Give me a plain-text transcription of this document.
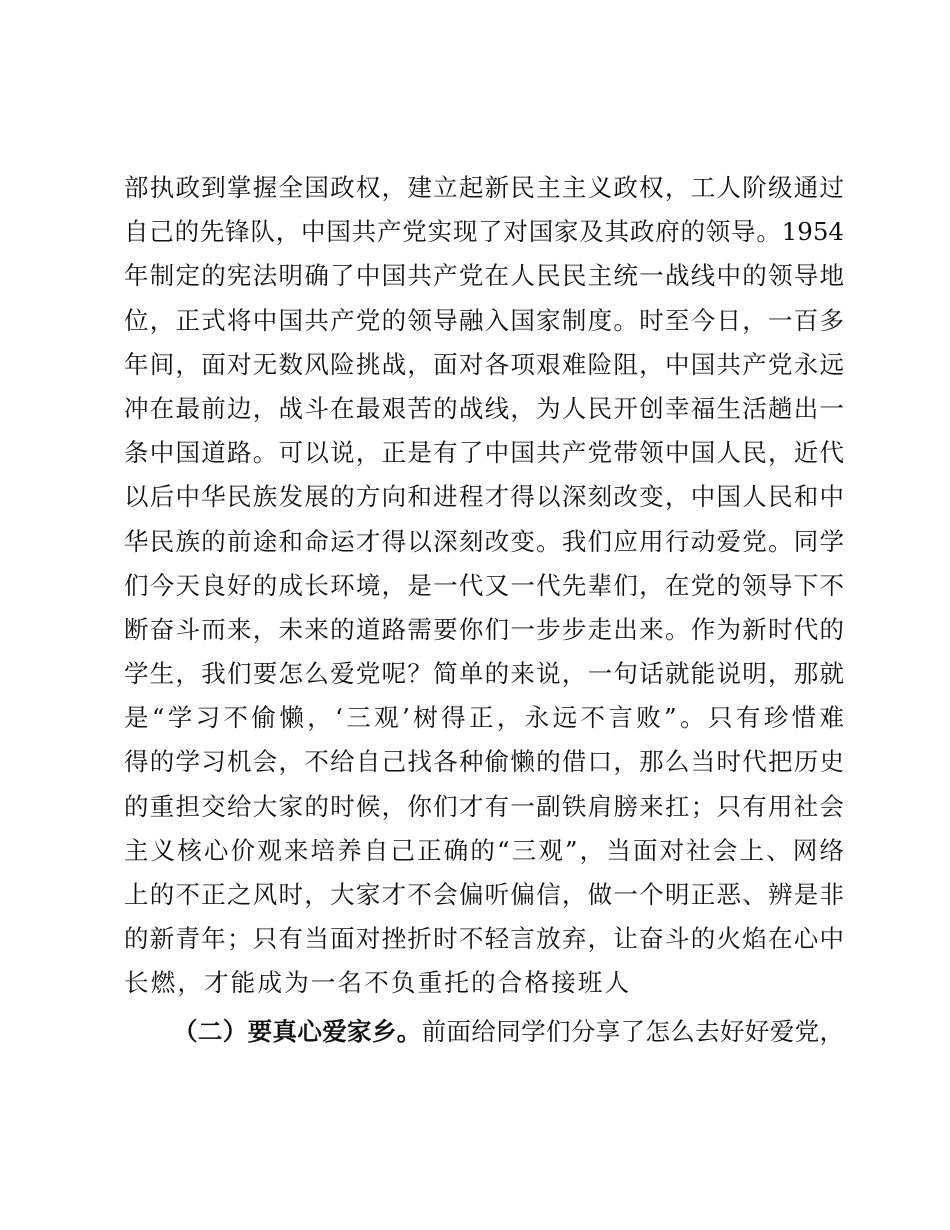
部执政到掌握全国政权，建立起新民主主义政权，工人阶级通过
自己的先锋队，中国共产党实现了对国家及其政府的领导。1954
年制定的宪法明确了中国共产党在人民民主统一战线中的领导地
位，正式将中国共产党的领导融入国家制度。时至今日，一百多
年间，面对无数风险挑战，面对各项艰难险阻，中国共产党永远
冲在最前边，战斗在最艰苦的战线，为人民开创幸福生活趟出一
条中国道路。可以说，正是有了中国共产党带领中国人民，近代
以后中华民族发展的方向和进程才得以深刻改变，中国人民和中
华民族的前途和命运才得以深刻改变。我们应用行动爱党。同学
们今天良好的成长环境，是一代又一代先辈们，在党的领导下不
断奋斗而来，未来的道路需要你们一步步走出来。作为新时代的
学生，我们要怎么爱党呢？简单的来说，一句话就能说明，那就
是“学习不偷懒，‘三观’树得正，永远不言败”。只有珍惜难
得的学习机会，不给自己找各种偷懒的借口，那么当时代把历史
的重担交给大家的时候，你们才有一副铁肩膀来扛；只有用社会
主义核心价观来培养自己正确的“三观”，当面对社会上、网络
上的不正之风时，大家才不会偏听偏信，做一个明正恶、辨是非
的新青年；只有当面对挫折时不轻言放弃，让奋斗的火焰在心中
长燃，才能成为一名不负重托的合格接班人
（二）要真心爱家乡。前面给同学们分享了怎么去好好爱党，
